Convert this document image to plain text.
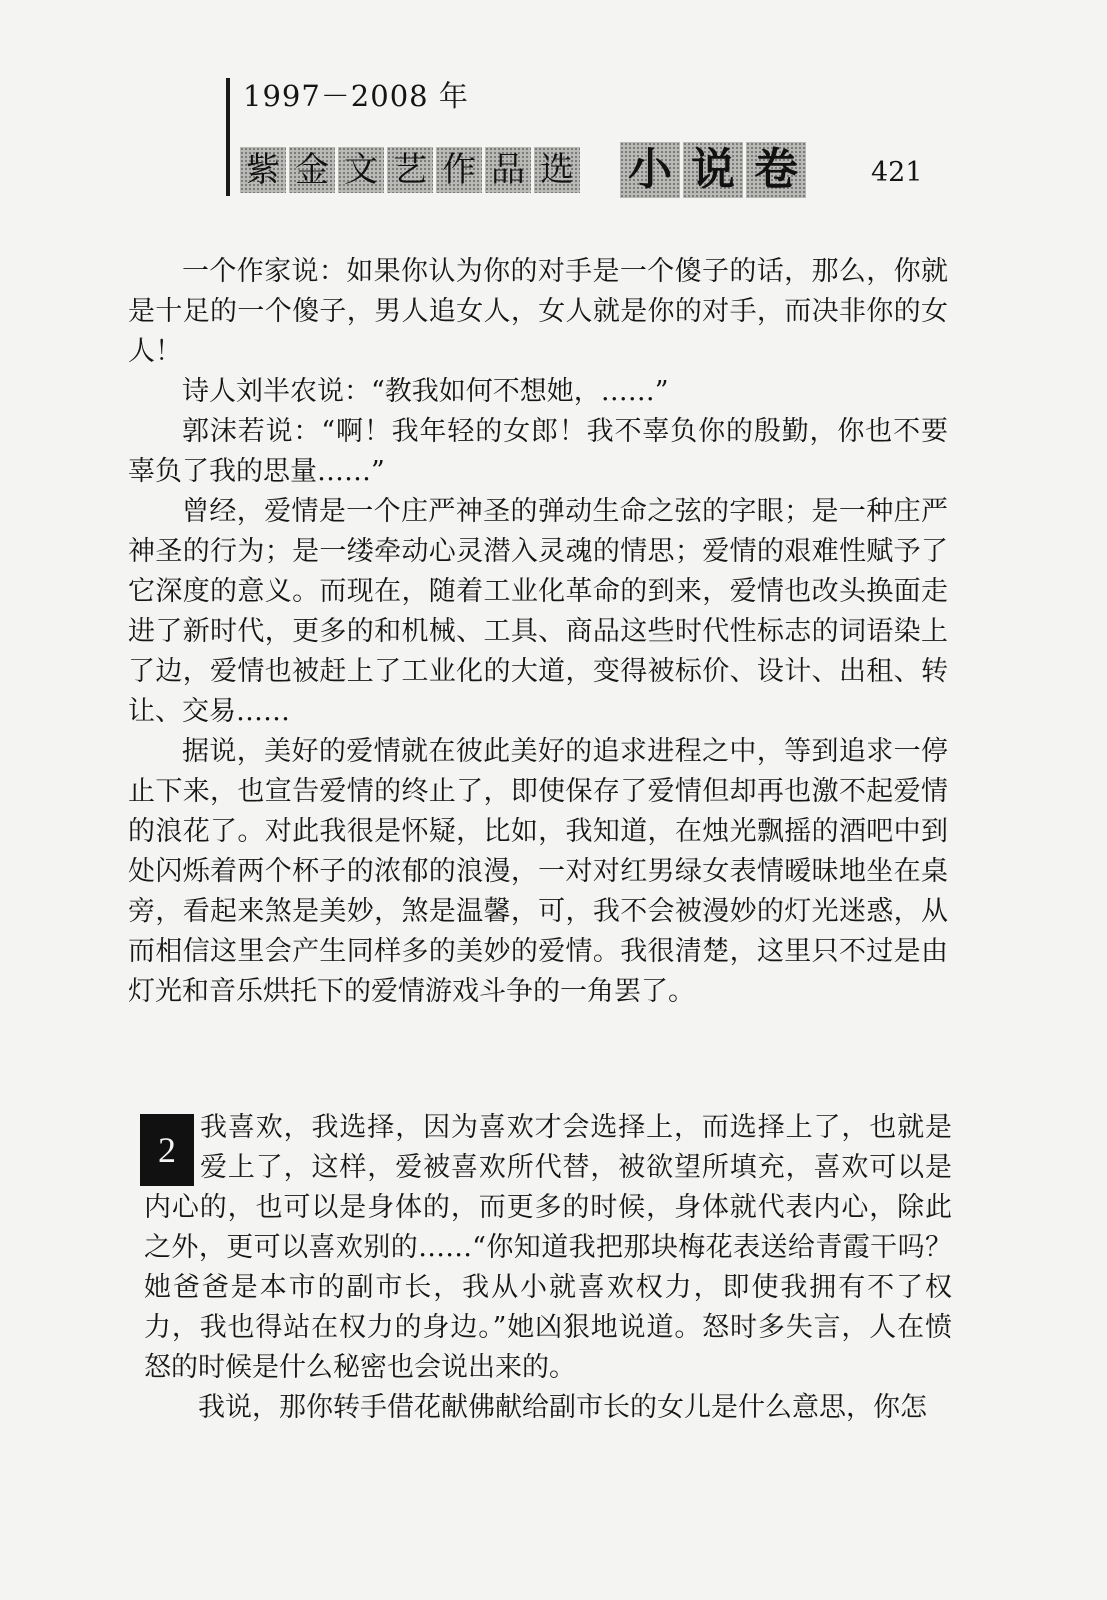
1997－2008 年
紫 金 文 艺 作 品 选 小 说 卷	421

一个作家说：如果你认为你的对手是一个傻子的话，那么，你就是十足的一个傻子，男人追女人，女人就是你的对手，而决非你的女人！

诗人刘半农说：“教我如何不想她，……”

郭沫若说：“啊！我年轻的女郎！我不辜负你的殷勤，你也不要辜负了我的思量……”

曾经，爱情是一个庄严神圣的弹动生命之弦的字眼；是一种庄严神圣的行为；是一缕牵动心灵潜入灵魂的情思；爱情的艰难性赋予了它深度的意义。而现在，随着工业化革命的到来，爱情也改头换面走进了新时代，更多的和机械、工具、商品这些时代性标志的词语染上了边，爱情也被赶上了工业化的大道，变得被标价、设计、出租、转让、交易……

据说，美好的爱情就在彼此美好的追求进程之中，等到追求一停止下来，也宣告爱情的终止了，即使保存了爱情但却再也激不起爱情的浪花了。对此我很是怀疑，比如，我知道，在烛光飘摇的酒吧中到处闪烁着两个杯子的浓郁的浪漫，一对对红男绿女表情暧昧地坐在桌旁，看起来煞是美妙，煞是温馨，可，我不会被漫妙的灯光迷惑，从而相信这里会产生同样多的美妙的爱情。我很清楚，这里只不过是由灯光和音乐烘托下的爱情游戏斗争的一角罢了。

2

我喜欢，我选择，因为喜欢才会选择上，而选择上了，也就是爱上了，这样，爱被喜欢所代替，被欲望所填充，喜欢可以是内心的，也可以是身体的，而更多的时候，身体就代表内心，除此之外，更可以喜欢别的……“你知道我把那块梅花表送给青霞干吗？她爸爸是本市的副市长，我从小就喜欢权力，即使我拥有不了权力，我也得站在权力的身边。”她凶狠地说道。怒时多失言，人在愤怒的时候是什么秘密也会说出来的。

我说，那你转手借花献佛献给副市长的女儿是什么意思，你怎
